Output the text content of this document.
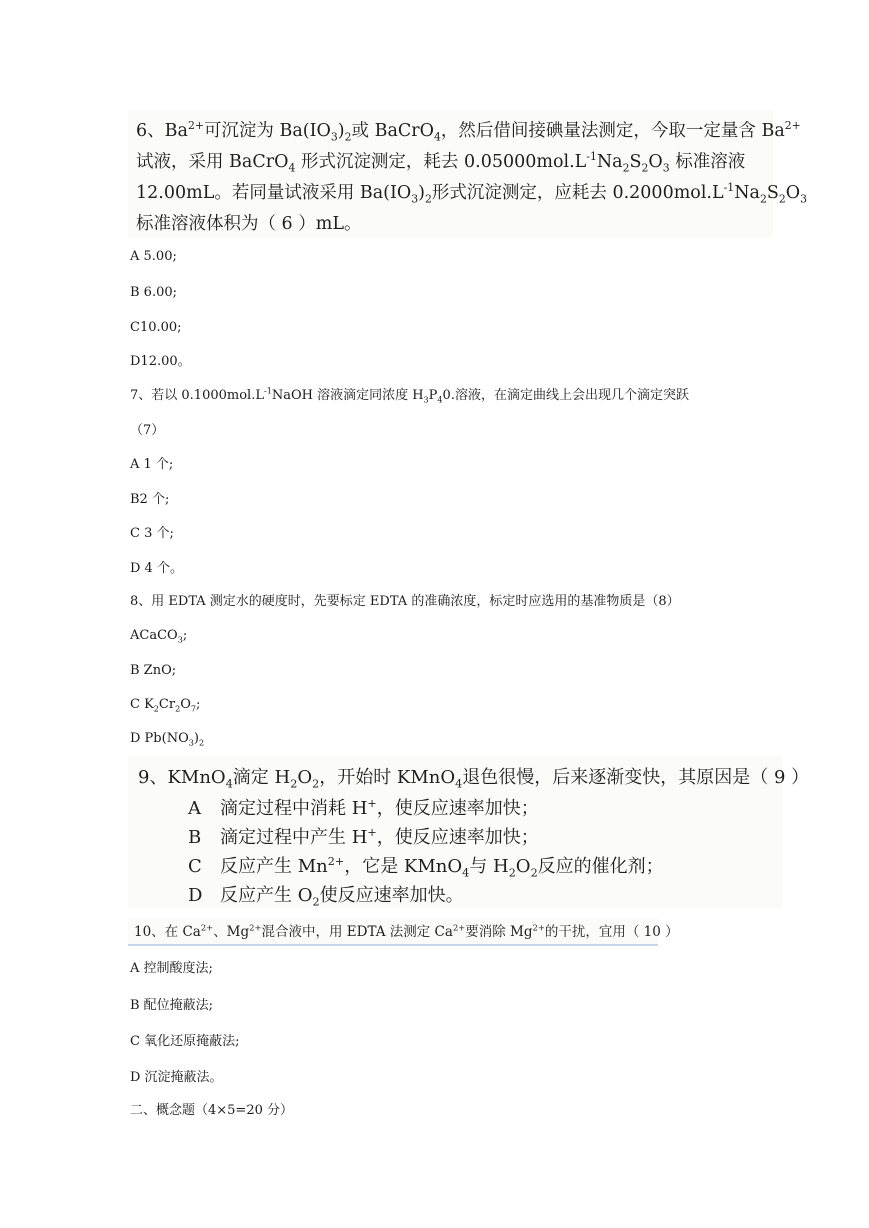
6、$Ba^{2+}$可沉淀为 $Ba(IO_3)_2$或 BaCrO$_4$，然后借间接碘量法测定，今取一定量含 $Ba^{2+}$
试液，采用 BaCrO$_4$ 形式沉淀测定，耗去 $0.05000mol.L^{-1}Na_2S_2O_3$ 标准溶液
12.00mL。若同量试液采用 $Ba(IO_3)_2$形式沉淀测定，应耗去 $0.2000mol.L^{-1}Na_2S_2O_3$
标准溶液体积为（ 6 ）mL。
A 5.00;
B 6.00;
C10.00;
D12.00。
7、若以 $0.1000mol.L^{-1}NaOH$ 溶液滴定同浓度 $H_3P_40$.溶液，在滴定曲线上会出现几个滴定突跃
（7）
A 1 个;
B2 个;
C 3 个;
D 4 个。
8、用 EDTA 测定水的硬度时，先要标定 EDTA 的准确浓度，标定时应选用的基准物质是（8）
ACaCO$_3$;
B ZnO;
C $K_2Cr_2O_7$;
D $Pb(NO_3)_2$
9、KMnO$_4$滴定 $H_2O_2$，开始时 KMnO$_4$退色很慢，后来逐渐变快，其原因是（ 9 ）
A 滴定过程中消耗 H+，使反应速率加快；
B 滴定过程中产生 H+，使反应速率加快；
C 反应产生 $Mn^{2+}$，它是 KMnO$_4$与 $H_2O_2$反应的催化剂；
D 反应产生 $O_2$使反应速率加快。
10、在 $Ca^{2+}$、$Mg^{2+}$混合液中，用 EDTA 法测定 $Ca^{2+}$要消除 $Mg^{2+}$的干扰，宜用（ 10 ）
A 控制酸度法;
B 配位掩蔽法;
C 氧化还原掩蔽法;
D 沉淀掩蔽法。
二、概念题（4×5=20 分）
